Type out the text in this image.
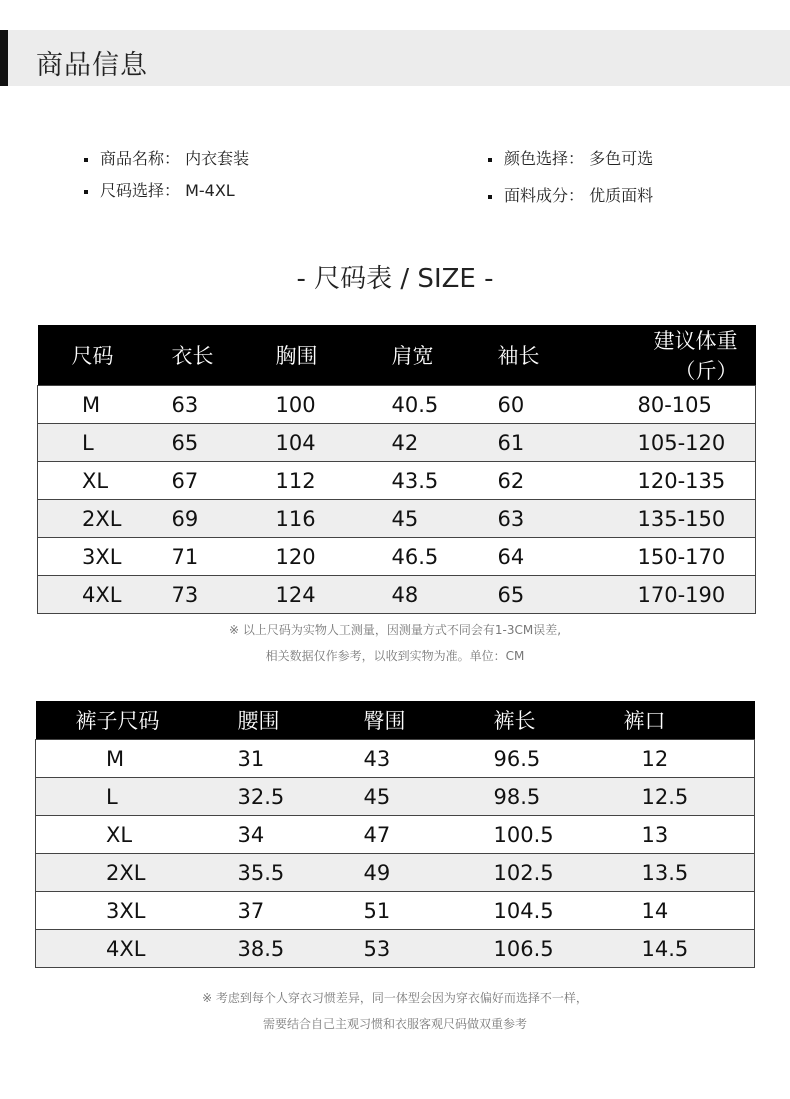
商品信息
商品名称： 内衣套装
尺码选择： M-4XL
颜色选择： 多色可选
面料成分： 优质面料
- 尺码表 / SIZE -
尺码	衣长	胸围	肩宽	袖长	建议体重（斤）
M	63	100	40.5	60	80-105
L	65	104	42	61	105-120
XL	67	112	43.5	62	120-135
2XL	69	116	45	63	135-150
3XL	71	120	46.5	64	150-170
4XL	73	124	48	65	170-190
※ 以上尺码为实物人工测量，因测量方式不同会有1-3CM误差,
相关数据仅作参考，以收到实物为准。单位：CM
裤子尺码	腰围	臀围	裤长	裤口
M	31	43	96.5	12
L	32.5	45	98.5	12.5
XL	34	47	100.5	13
2XL	35.5	49	102.5	13.5
3XL	37	51	104.5	14
4XL	38.5	53	106.5	14.5
※ 考虑到每个人穿衣习惯差异，同一体型会因为穿衣偏好而选择不一样，
需要结合自己主观习惯和衣服客观尺码做双重参考
